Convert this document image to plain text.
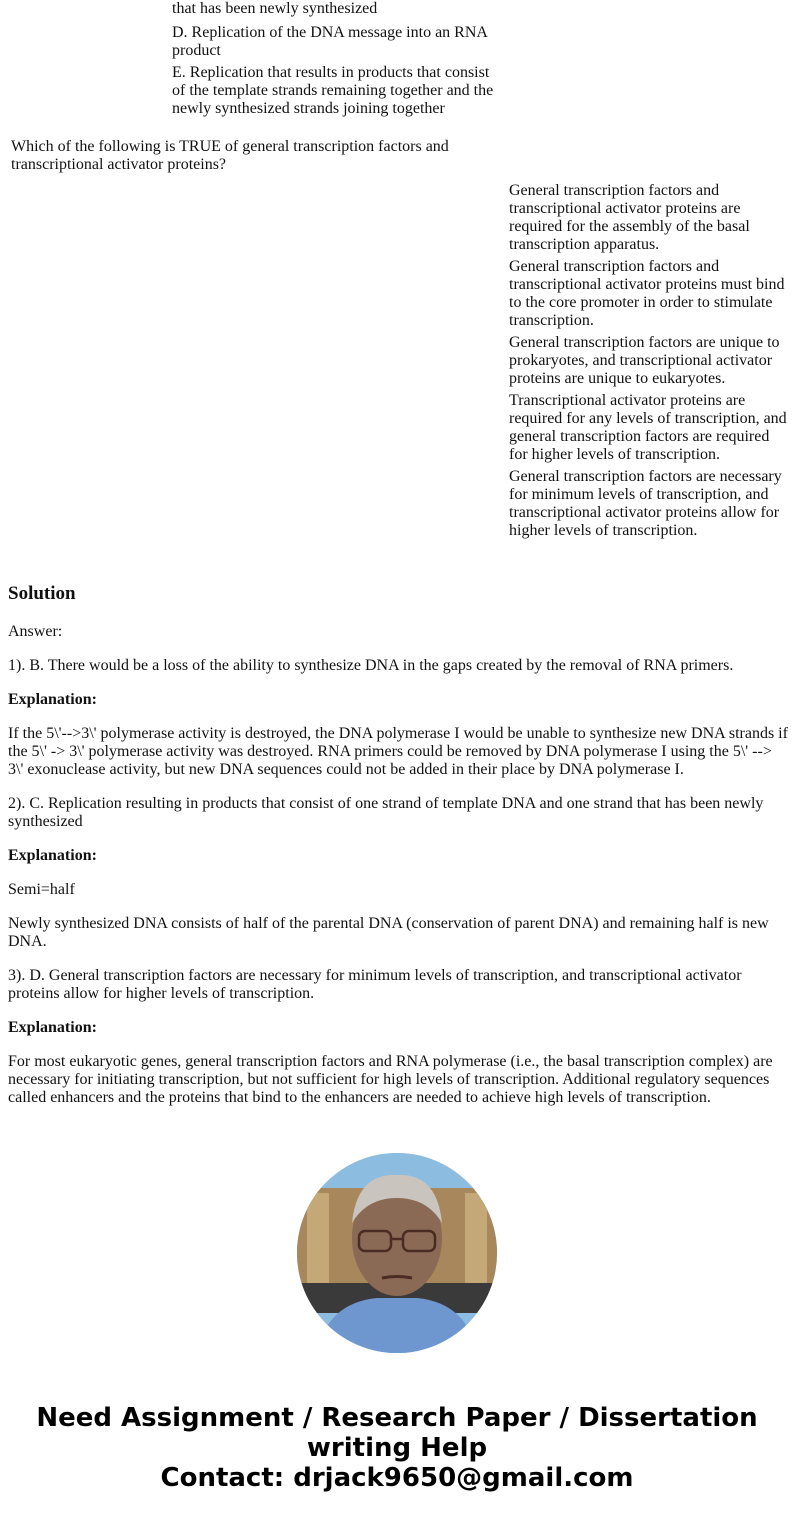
that has been newly synthesized

D. Replication of the DNA message into an RNA product

E. Replication that results in products that consist of the template strands remaining together and the newly synthesized strands joining together

Which of the following is TRUE of general transcription factors and transcriptional activator proteins?

General transcription factors and transcriptional activator proteins are required for the assembly of the basal transcription apparatus.

General transcription factors and transcriptional activator proteins must bind to the core promoter in order to stimulate transcription.

General transcription factors are unique to prokaryotes, and transcriptional activator proteins are unique to eukaryotes.

Transcriptional activator proteins are required for any levels of transcription, and general transcription factors are required for higher levels of transcription.

General transcription factors are necessary for minimum levels of transcription, and transcriptional activator proteins allow for higher levels of transcription.

Solution

Answer:

1). B. There would be a loss of the ability to synthesize DNA in the gaps created by the removal of RNA primers.

Explanation:

If the 5\'-->3\' polymerase activity is destroyed, the DNA polymerase I would be unable to synthesize new DNA strands if the 5\' -> 3\' polymerase activity was destroyed. RNA primers could be removed by DNA polymerase I using the 5\' --> 3\' exonuclease activity, but new DNA sequences could not be added in their place by DNA polymerase I.

2). C. Replication resulting in products that consist of one strand of template DNA and one strand that has been newly synthesized

Explanation:

Semi=half

Newly synthesized DNA consists of half of the parental DNA (conservation of parent DNA) and remaining half is new DNA.

3). D. General transcription factors are necessary for minimum levels of transcription, and transcriptional activator proteins allow for higher levels of transcription.

Explanation:

For most eukaryotic genes, general transcription factors and RNA polymerase (i.e., the basal transcription complex) are necessary for initiating transcription, but not sufficient for high levels of transcription. Additional regulatory sequences called enhancers and the proteins that bind to the enhancers are needed to achieve high levels of transcription.

Need Assignment / Research Paper / Dissertation writing Help
Contact: drjack9650@gmail.com
